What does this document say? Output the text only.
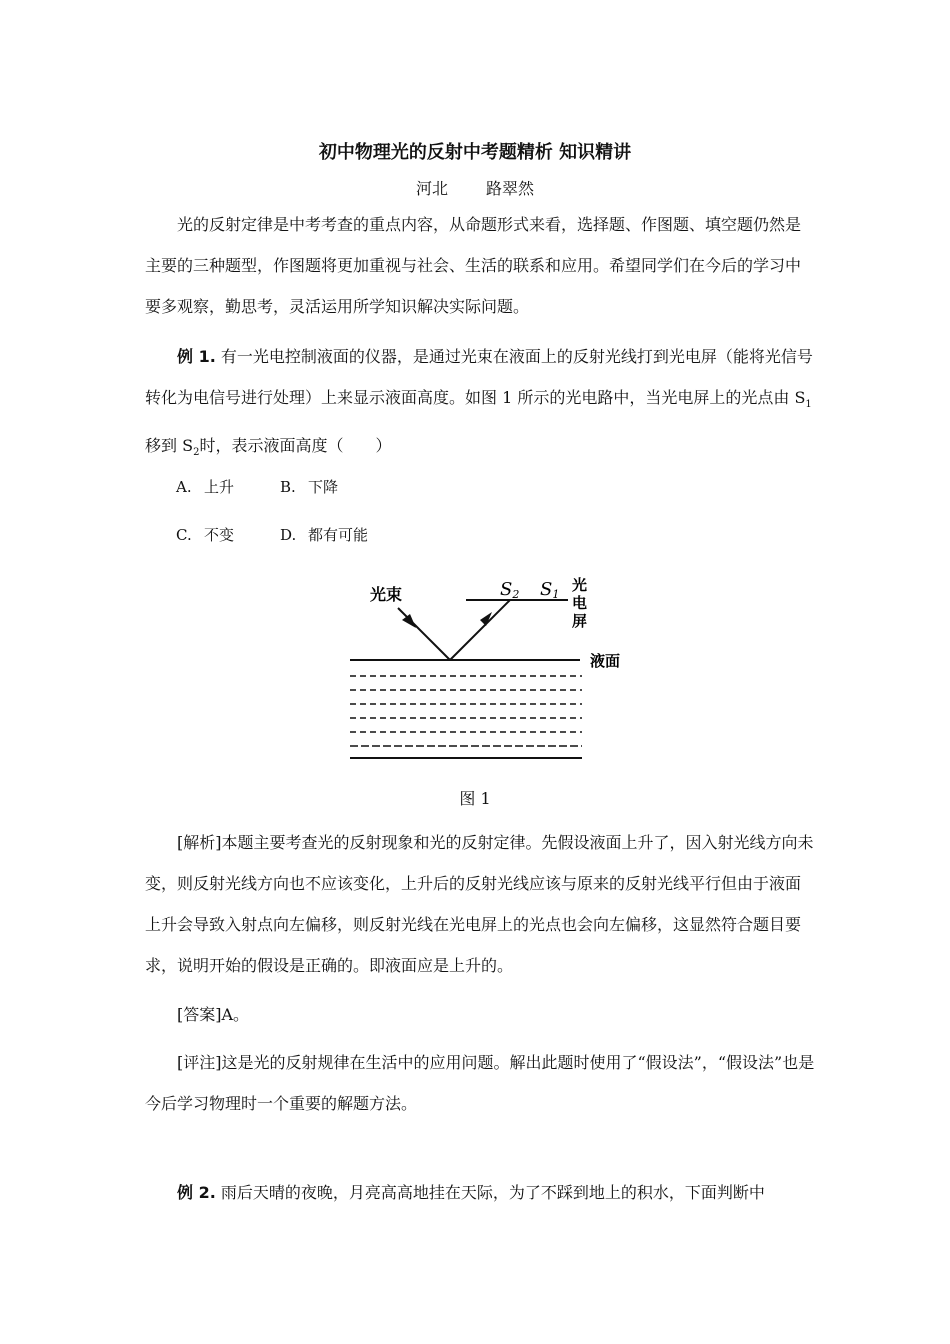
初中物理光的反射中考题精析 知识精讲
河北 路翠然

光的反射定律是中考考查的重点内容，从命题形式来看，选择题、作图题、填空题仍然是主要的三种题型，作图题将更加重视与社会、生活的联系和应用。希望同学们在今后的学习中要多观察，勤思考，灵活运用所学知识解决实际问题。

例 1. 有一光电控制液面的仪器，是通过光束在液面上的反射光线打到光电屏（能将光信号转化为电信号进行处理）上来显示液面高度。如图 1 所示的光电路中，当光电屏上的光点由 $S_1$移到 $S_2$时，表示液面高度（　　）

A. 上升	B. 下降
C. 不变	D. 都有可能
光束	S2 S1
光
电
屏
液面
图 1

[解析]本题主要考查光的反射现象和光的反射定律。先假设液面上升了，因入射光线方向未变，则反射光线方向也不应该变化，上升后的反射光线应该与原来的反射光线平行但由于液面上升会导致入射点向左偏移，则反射光线在光电屏上的光点也会向左偏移，这显然符合题目要求，说明开始的假设是正确的。即液面应是上升的。

[答案]A。

[评注]这是光的反射规律在生活中的应用问题。解出此题时使用了“假设法”，“假设法”也是今后学习物理时一个重要的解题方法。

例 2. 雨后天晴的夜晚，月亮高高地挂在天际，为了不踩到地上的积水，下面判断中
